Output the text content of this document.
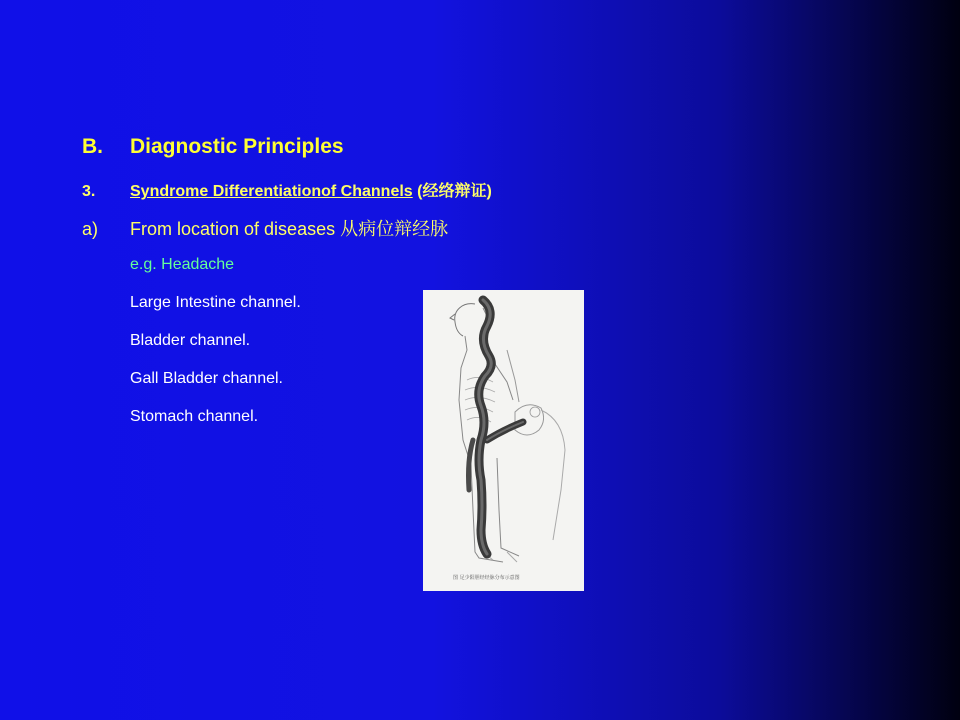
B. Diagnostic Principles
3. Syndrome Differentiationof Channels (经络辩证)
a) From location of diseases 从病位辩经脉
e.g. Headache
Large Intestine channel.
Bladder channel.
Gall Bladder channel.
Stomach channel.
图 足少阳胆经经脉分布示意图
